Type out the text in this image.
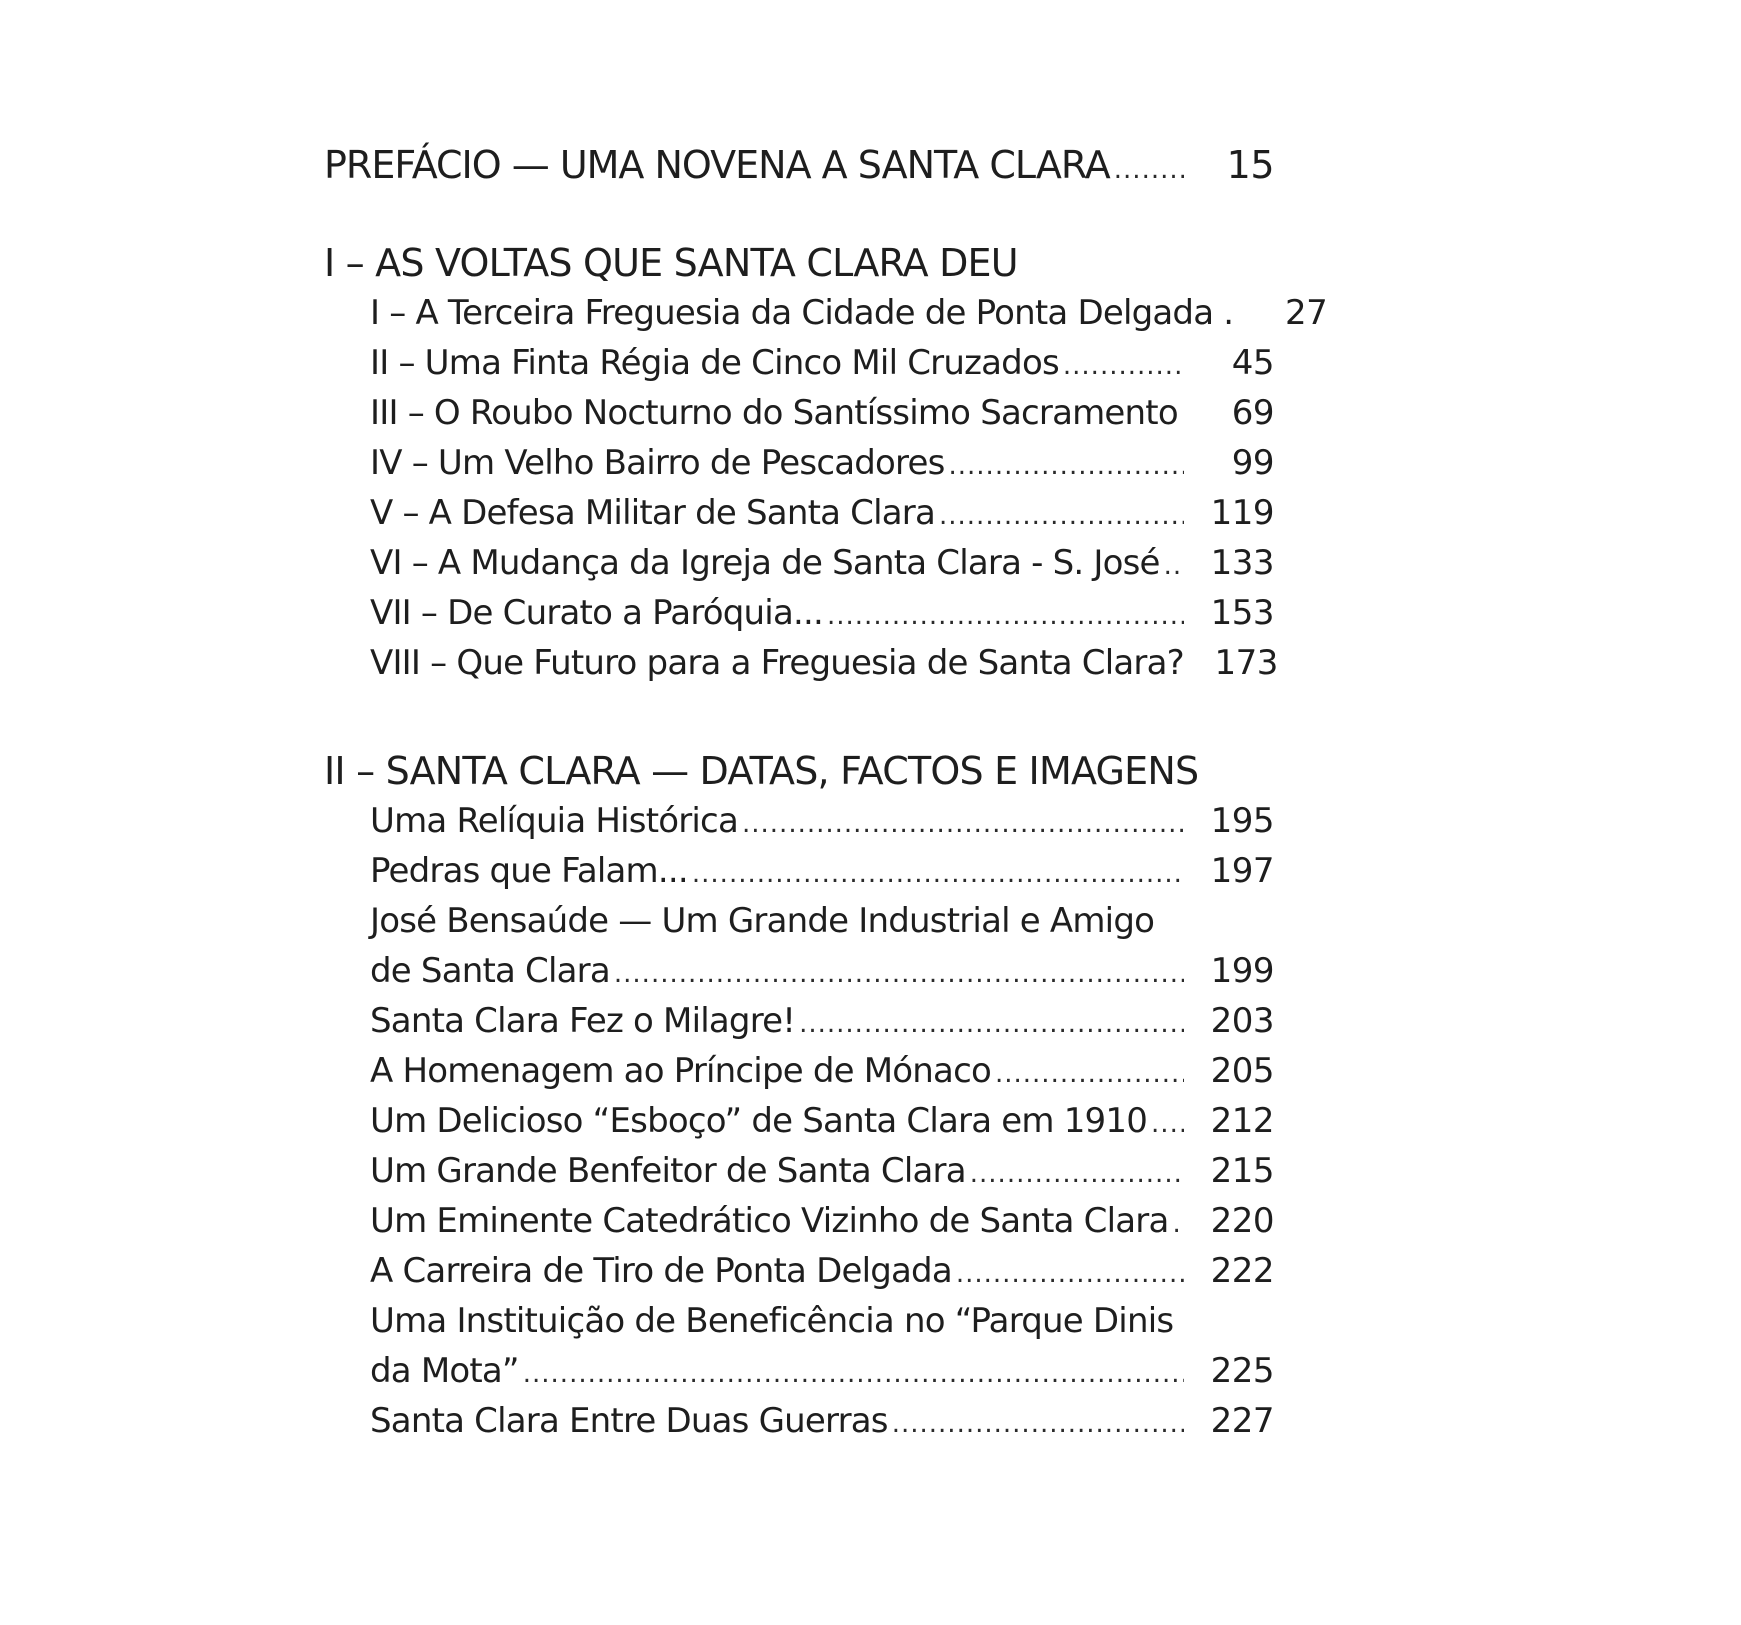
PREFÁCIO — UMA NOVENA A SANTA CLARA .....	15
I – AS VOLTAS QUE SANTA CLARA DEU
I – A Terceira Freguesia da Cidade de Ponta Delgada .	27
II – Uma Finta Régia de Cinco Mil Cruzados .....	45
III – O Roubo Nocturno do Santíssimo Sacramento .....	69
IV – Um Velho Bairro de Pescadores .....	99
V – A Defesa Militar de Santa Clara .....	119
VI – A Mudança da Igreja de Santa Clara - S. José .....	133
VII – De Curato a Paróquia... .....	153
VIII – Que Futuro para a Freguesia de Santa Clara? 173
II – SANTA CLARA — DATAS, FACTOS E IMAGENS
Uma Relíquia Histórica .....	195
Pedras que Falam... .....	197
José Bensaúde — Um Grande Industrial e Amigo
de Santa Clara .....	199
Santa Clara Fez o Milagre! .....	203
A Homenagem ao Príncipe de Mónaco .....	205
Um Delicioso “Esboço” de Santa Clara em 1910 .....	212
Um Grande Benfeitor de Santa Clara .....	215
Um Eminente Catedrático Vizinho de Santa Clara .....	220
A Carreira de Tiro de Ponta Delgada .....	222
Uma Instituição de Beneficência no “Parque Dinis
da Mota” .....	225
Santa Clara Entre Duas Guerras .....	227
